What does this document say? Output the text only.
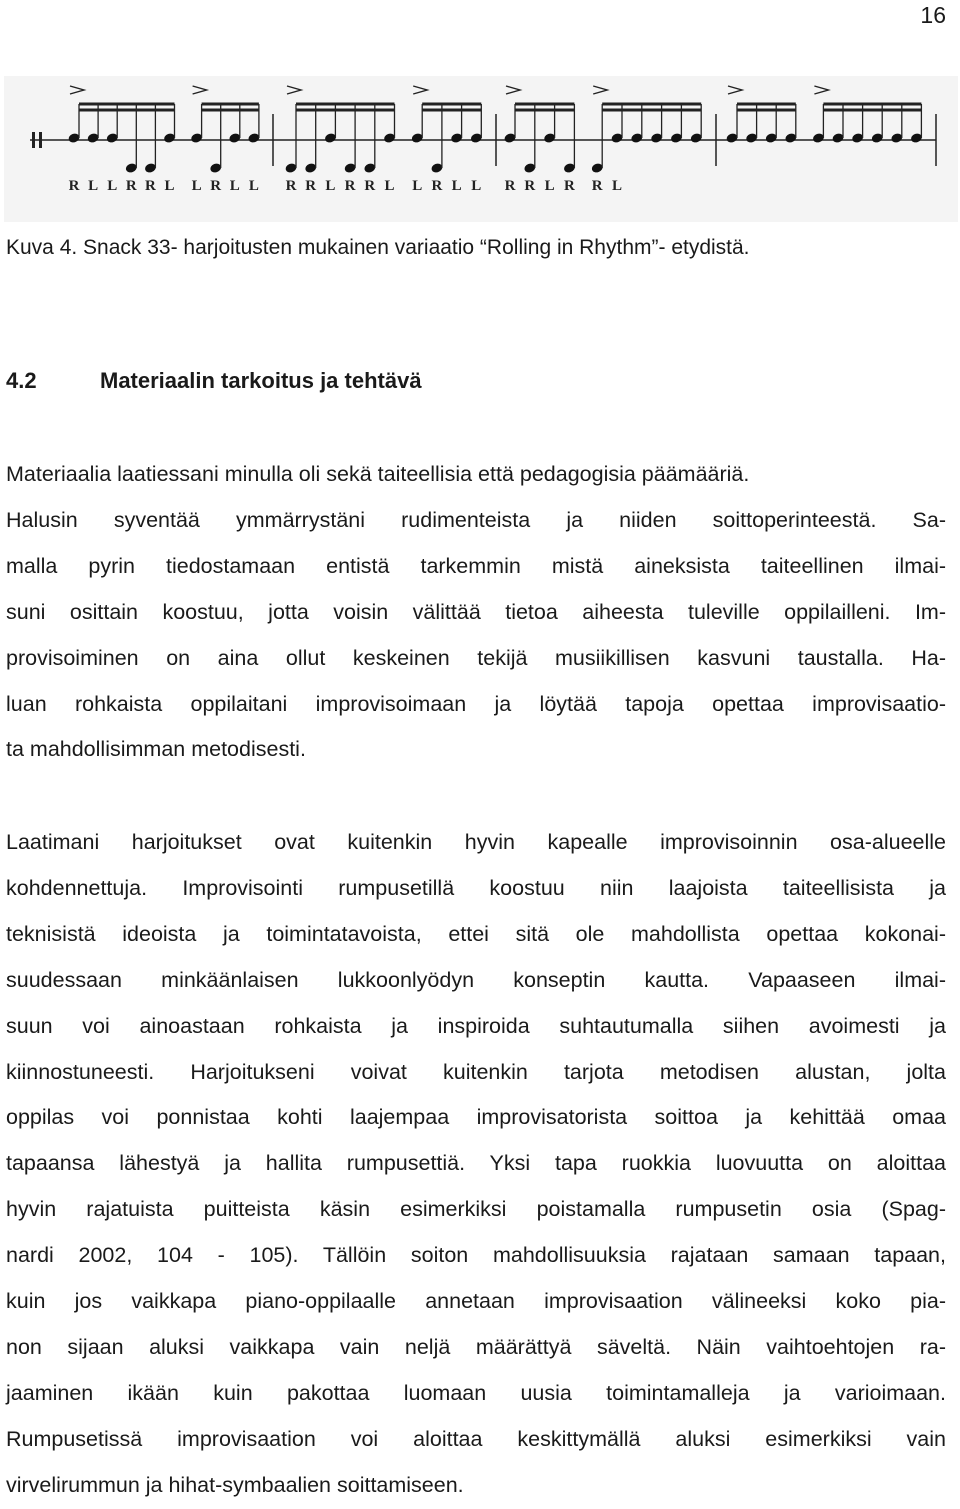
16
R L L R R L L R L L R R L R R L L R L L R R L R R L
Kuva 4. Snack 33- harjoitusten mukainen variaatio “Rolling in Rhythm”- etydistä.
4.2	Materiaalin tarkoitus ja tehtävä
Materiaalia laatiessani minulla oli sekä taiteellisia että pedagogisia päämääriä.
Halusin syventää ymmärrystäni rudimenteista ja niiden soittoperinteestä. Sa-
malla pyrin tiedostamaan entistä tarkemmin mistä aineksista taiteellinen ilmai-
suni osittain koostuu, jotta voisin välittää tietoa aiheesta tuleville oppilailleni. Im-
provisoiminen on aina ollut keskeinen tekijä musiikillisen kasvuni taustalla. Ha-
luan rohkaista oppilaitani improvisoimaan ja löytää tapoja opettaa improvisaatio-
ta mahdollisimman metodisesti.
Laatimani harjoitukset ovat kuitenkin hyvin kapealle improvisoinnin osa-alueelle
kohdennettuja. Improvisointi rumpusetillä koostuu niin laajoista taiteellisista ja
teknisistä ideoista ja toimintatavoista, ettei sitä ole mahdollista opettaa kokonai-
suudessaan minkäänlaisen lukkoonlyödyn konseptin kautta. Vapaaseen ilmai-
suun voi ainoastaan rohkaista ja inspiroida suhtautumalla siihen avoimesti ja
kiinnostuneesti. Harjoitukseni voivat kuitenkin tarjota metodisen alustan, jolta
oppilas voi ponnistaa kohti laajempaa improvisatorista soittoa ja kehittää omaa
tapaansa lähestyä ja hallita rumpusettiä. Yksi tapa ruokkia luovuutta on aloittaa
hyvin rajatuista puitteista käsin esimerkiksi poistamalla rumpusetin osia (Spag-
nardi 2002, 104 - 105). Tällöin soiton mahdollisuuksia rajataan samaan tapaan,
kuin jos vaikkapa piano-oppilaalle annetaan improvisaation välineeksi koko pia-
non sijaan aluksi vaikkapa vain neljä määrättyä säveltä. Näin vaihtoehtojen ra-
jaaminen ikään kuin pakottaa luomaan uusia toimintamalleja ja varioimaan.
Rumpusetissä improvisaation voi aloittaa keskittymällä aluksi esimerkiksi vain
virvelirummun ja hihat-symbaalien soittamiseen.
